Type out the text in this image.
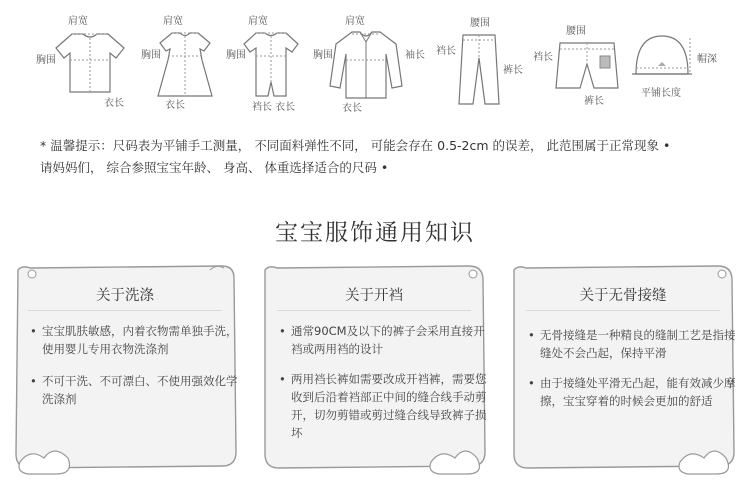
肩宽
胸围
衣长
肩宽
胸围
衣长
肩宽
胸围
裆长 衣长
肩宽
胸围	袖长
衣长
腰围
裆长
裤长
腰围
裆长
裤长
帽深
平铺长度
* 温馨提示：尺码表为平铺手工测量， 不同面料弹性不同， 可能会存在 0.5-2cm 的误差， 此范围属于正常现象 •
请妈妈们， 综合参照宝宝年龄、 身高、 体重选择适合的尺码 •
宝宝服饰通用知识
关于洗涤
• 宝宝肌肤敏感，内着衣物需单独手洗，使用婴儿专用衣物洗涤剂
• 不可干洗、不可漂白、不使用强效化学洗涤剂
关于开裆
• 通常90CM及以下的裤子会采用直接开裆或两用裆的设计
• 两用裆长裤如需要改成开裆裤，需要您收到后沿着裆部正中间的缝合线手动剪开，切勿剪错或剪过缝合线导致裤子损坏
关于无骨接缝
• 无骨接缝是一种精良的缝制工艺是指接缝处不会凸起，保持平滑
• 由于接缝处平滑无凸起，能有效减少摩擦，宝宝穿着的时候会更加的舒适
